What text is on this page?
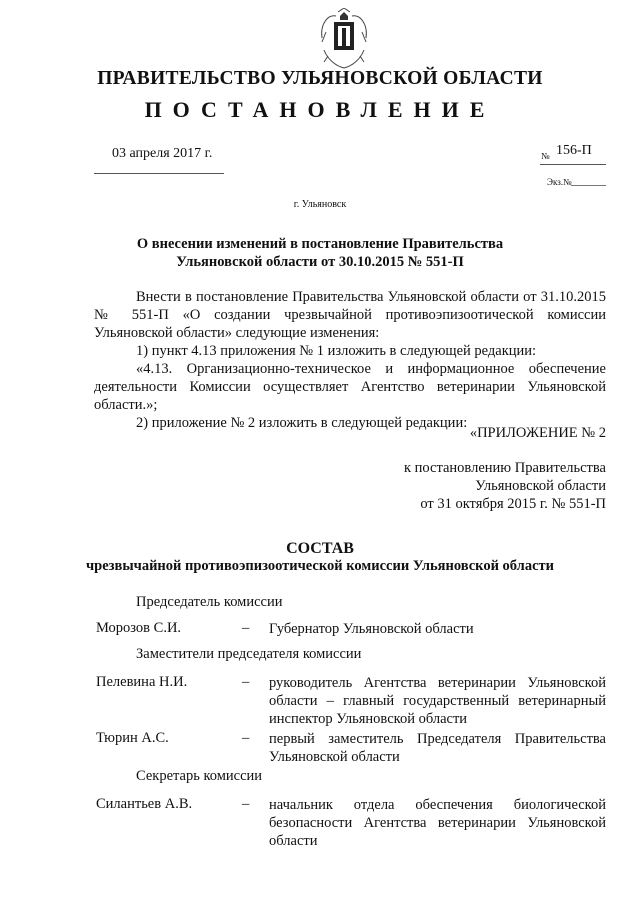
ПРАВИТЕЛЬСТВО УЛЬЯНОВСКОЙ ОБЛАСТИ
ПОСТАНОВЛЕНИЕ
03 апреля 2017 г.	№ 156-П
Экз.№
г. Ульяновск
О внесении изменений в постановление Правительства
Ульяновской области от 30.10.2015 № 551-П

Внести в постановление Правительства Ульяновской области от 31.10.2015 № 551-П «О создании чрезвычайной противоэпизоотической комиссии Ульяновской области» следующие изменения:

1) пункт 4.13 приложения № 1 изложить в следующей редакции:

«4.13. Организационно-техническое и информационное обеспечение деятельности Комиссии осуществляет Агентство ветеринарии Ульяновской области.»;

2) приложение № 2 изложить в следующей редакции:

«ПРИЛОЖЕНИЕ № 2

к постановлению Правительства

Ульяновской области

от 31 октября 2015 г. № 551-П

СОСТАВ
чрезвычайной противоэпизоотической комиссии Ульяновской области
Председатель комиссии
Морозов С.И.	– Губернатор Ульяновской области
Заместители председателя комиссии
Пелевина Н.И.	– руководитель Агентства ветеринарии Ульяновской области – главный государственный ветеринарный инспектор Ульяновской области
Тюрин А.С.	– первый заместитель Председателя Правительства Ульяновской области
Секретарь комиссии
Силантьев А.В.	– начальник отдела обеспечения биологической безопасности Агентства ветеринарии Ульяновской области
